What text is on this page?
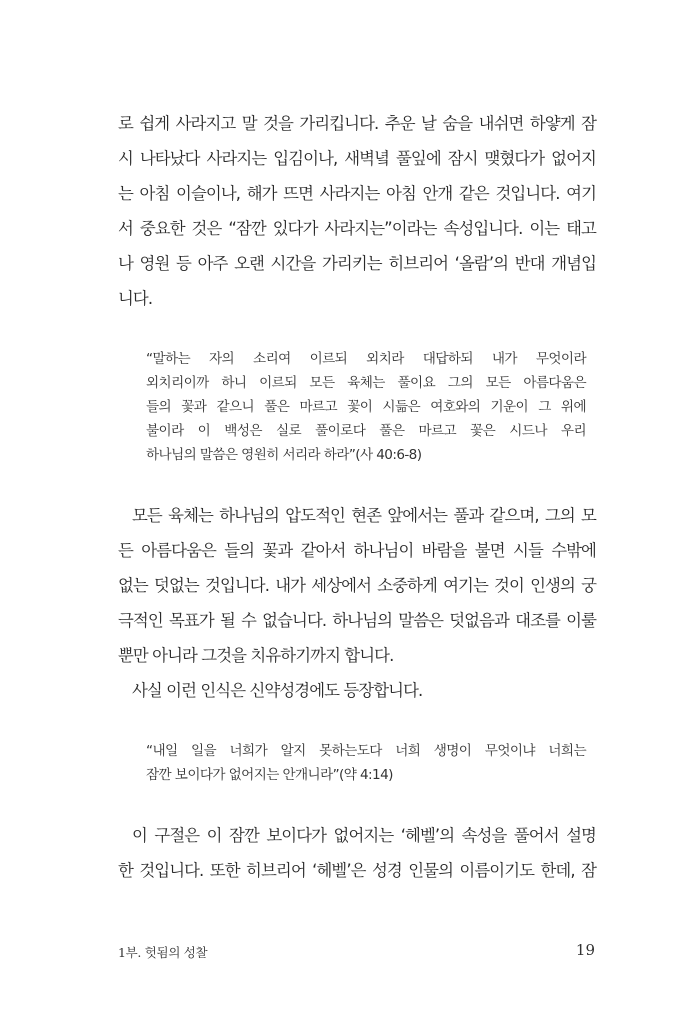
로 쉽게 사라지고 말 것을 가리킵니다. 추운 날 숨을 내쉬면 하얗게 잠

시 나타났다 사라지는 입김이나, 새벽녘 풀잎에 잠시 맺혔다가 없어지

는 아침 이슬이나, 해가 뜨면 사라지는 아침 안개 같은 것입니다. 여기

서 중요한 것은 “잠깐 있다가 사라지는”이라는 속성입니다. 이는 태고

나 영원 등 아주 오랜 시간을 가리키는 히브리어 ‘올람’의 반대 개념입

니다.

“말하는 자의 소리여 이르되 외치라 대답하되 내가 무엇이라

외치리이까 하니 이르되 모든 육체는 풀이요 그의 모든 아름다움은

들의 꽃과 같으니 풀은 마르고 꽃이 시듦은 여호와의 기운이 그 위에

불이라 이 백성은 실로 풀이로다 풀은 마르고 꽃은 시드나 우리

하나님의 말씀은 영원히 서리라 하라”(사 40:6-8)

모든 육체는 하나님의 압도적인 현존 앞에서는 풀과 같으며, 그의 모

든 아름다움은 들의 꽃과 같아서 하나님이 바람을 불면 시들 수밖에

없는 덧없는 것입니다. 내가 세상에서 소중하게 여기는 것이 인생의 궁

극적인 목표가 될 수 없습니다. 하나님의 말씀은 덧없음과 대조를 이룰

뿐만 아니라 그것을 치유하기까지 합니다.

사실 이런 인식은 신약성경에도 등장합니다.

“내일 일을 너희가 알지 못하는도다 너희 생명이 무엇이냐 너희는

잠깐 보이다가 없어지는 안개니라”(약 4:14)

이 구절은 이 잠깐 보이다가 없어지는 ‘헤벨’의 속성을 풀어서 설명

한 것입니다. 또한 히브리어 ‘헤벨’은 성경 인물의 이름이기도 한데, 잠

1부. 헛됨의 성찰	19
